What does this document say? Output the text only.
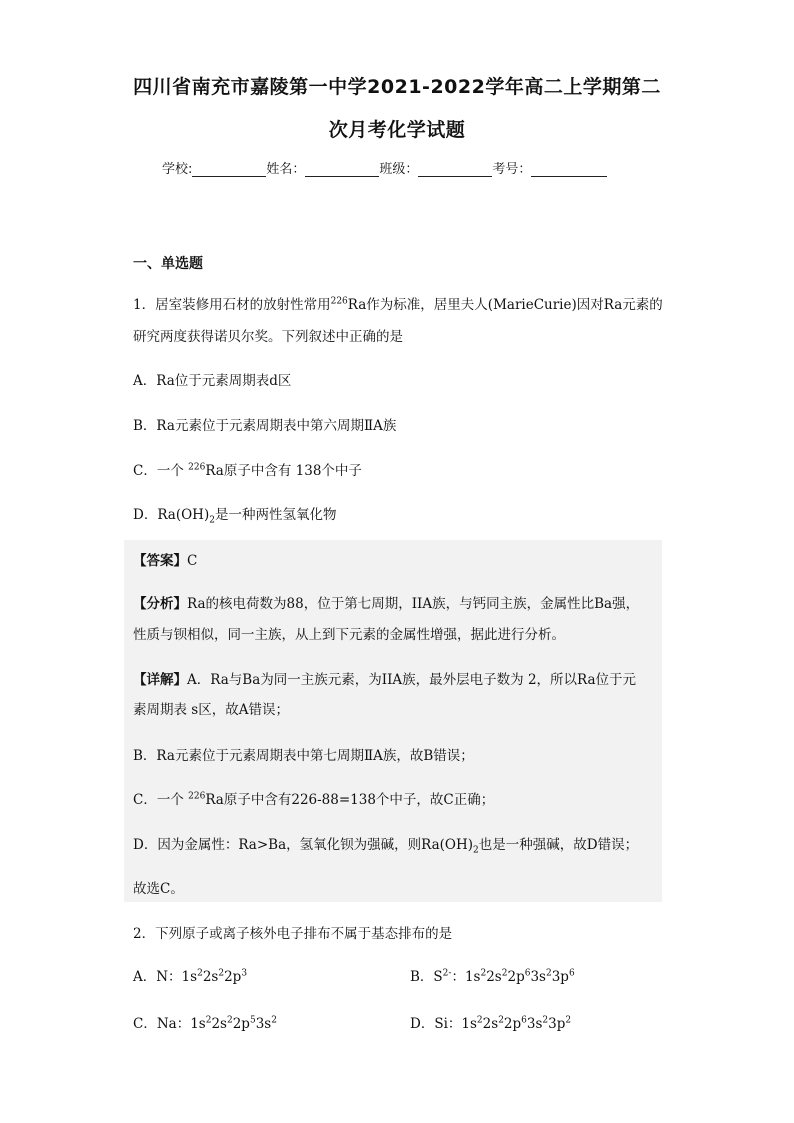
四川省南充市嘉陵第一中学2021-2022学年高二上学期第二
次月考化学试题
学校:	姓名：	班级：	考号：
一、单选题
1．居室装修用石材的放射性常用$^{226}$Ra作为标准，居里夫人(MarieCurie)因对Ra元素的
研究两度获得诺贝尔奖。下列叙述中正确的是
A．Ra位于元素周期表d区
B．Ra元素位于元素周期表中第六周期ⅡA族
C．一个 $^{226}$Ra原子中含有 138个中子
D．$Ra(OH)_2$是一种两性氢氧化物
【答案】C
【分析】Ra的核电荷数为88，位于第七周期，IIA族，与钙同主族，金属性比Ba强，
性质与钡相似，同一主族，从上到下元素的金属性增强，据此进行分析。
【详解】A．Ra与Ba为同一主族元素，为IIA族，最外层电子数为 2，所以Ra位于元
素周期表 s区，故A错误；
B．Ra元素位于元素周期表中第七周期ⅡA族，故B错误；
C．一个 $^{226}$Ra原子中含有226-88=138个中子，故C正确；
D．因为金属性：Ra>Ba，氢氧化钡为强碱，则$Ra(OH)_2$也是一种强碱，故D错误；
故选C。
2．下列原子或离子核外电子排布不属于基态排布的是
A．N：$1s^22s^22p^3$	B．$S^{2-}$：$1s^22s^22p^63s^23p^6$
C．Na：$1s^22s^22p^53s^2$	D．Si：$1s^22s^22p^63s^23p^2$
